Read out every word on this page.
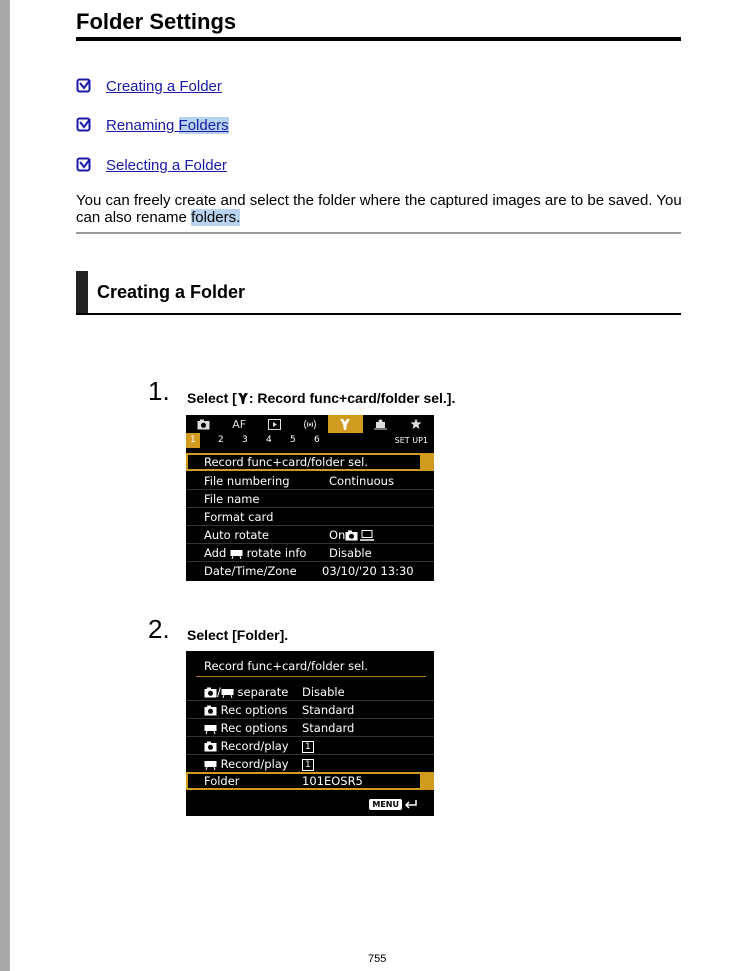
Folder Settings
Creating a Folder
Renaming Folders
Selecting a Folder
You can freely create and select the folder where the captured images are to be saved. You can also rename folders.
Creating a Folder
1. Select [ : Record func+card/folder sel.].
AF
1	2 3 4 5 6	SET UP1
Record func+card/folder sel.
File numbering	Continuous
File name
Format card
Auto rotate	On
Add rotate info Disable
Date/Time/Zone 03/10/'20 13:30
2. Select [Folder].
Record func+card/folder sel.
/ separate Disable
Rec options Standard
Rec options Standard
Record/play	1
Record/play	1
Folder	101EOSR5
MENU
755
